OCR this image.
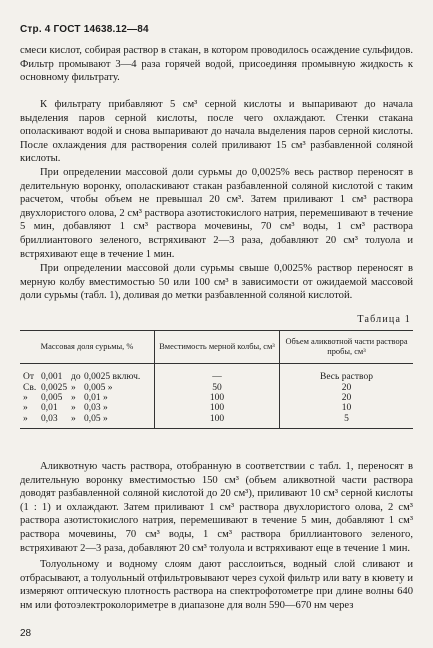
Стр. 4 ГОСТ 14638.12—84

смеси кислот, собирая раствор в стакан, в котором проводилось осаждение сульфидов. Фильтр промывают 3—4 раза горячей водой, присоединяя промывную жидкость к основному фильтрату.

К фильтрату прибавляют 5 см³ серной кислоты и выпаривают до начала выделения паров серной кислоты, после чего охлаждают. Стенки стакана ополаскивают водой и снова выпаривают до начала выделения паров серной кислоты. После охлаждения для растворения солей приливают 15 см³ разбавленной соляной кислоты.

При определении массовой доли сурьмы до 0,0025% весь раствор переносят в делительную воронку, ополаскивают стакан разбавленной соляной кислотой с таким расчетом, чтобы объем не превышал 20 см³. Затем приливают 1 см³ раствора двухлористого олова, 2 см³ раствора азотистокислого натрия, перемешивают в течение 5 мин, добавляют 1 см³ раствора мочевины, 70 см³ воды, 1 см³ раствора бриллиантового зеленого, встряхивают 2—3 раза, добавляют 20 см³ толуола и встряхивают еще в течение 1 мин.

При определении массовой доли сурьмы свыше 0,0025% раствор переносят в мерную колбу вместимостью 50 или 100 см³ в зависимости от ожидаемой массовой доли сурьмы (табл. 1), доливая до метки разбавленной соляной кислотой.

Таблица 1
Массовая доля сурьмы, %	Вместимость мерной колбы, см³	Объем аликвотной части раствора пробы, см³
От 0,001 до 0,0025 включ.	—	Весь раствор
Св. 0,0025 » 0,005 »	50	20
» 0,005 » 0,01 »	100	20
» 0,01 » 0,03 »	100	10
» 0,03 » 0,05 »	100	5

Аликвотную часть раствора, отобранную в соответствии с табл. 1, переносят в делительную воронку вместимостью 150 см³ (объем аликвотной части раствора доводят разбавленной соляной кислотой до 20 см³), приливают 10 см³ серной кислоты (1 : 1) и охлаждают. Затем приливают 1 см³ раствора двухлористого олова, 2 см³ раствора азотистокислого натрия, перемешивают в течение 5 мин, добавляют 1 см³ раствора мочевины, 70 см³ воды, 1 см³ раствора бриллиантового зеленого, встряхивают 2—3 раза, добавляют 20 см³ толуола и встряхивают еще в течение 1 мин.

Толуольному и водному слоям дают расслоиться, водный слой сливают и отбрасывают, а толуольный отфильтровывают через сухой фильтр или вату в кювету и измеряют оптическую плотность раствора на спектрофотометре при длине волны 640 нм или фотоэлектроколориметре в диапазоне для волн 590—670 нм через

28
